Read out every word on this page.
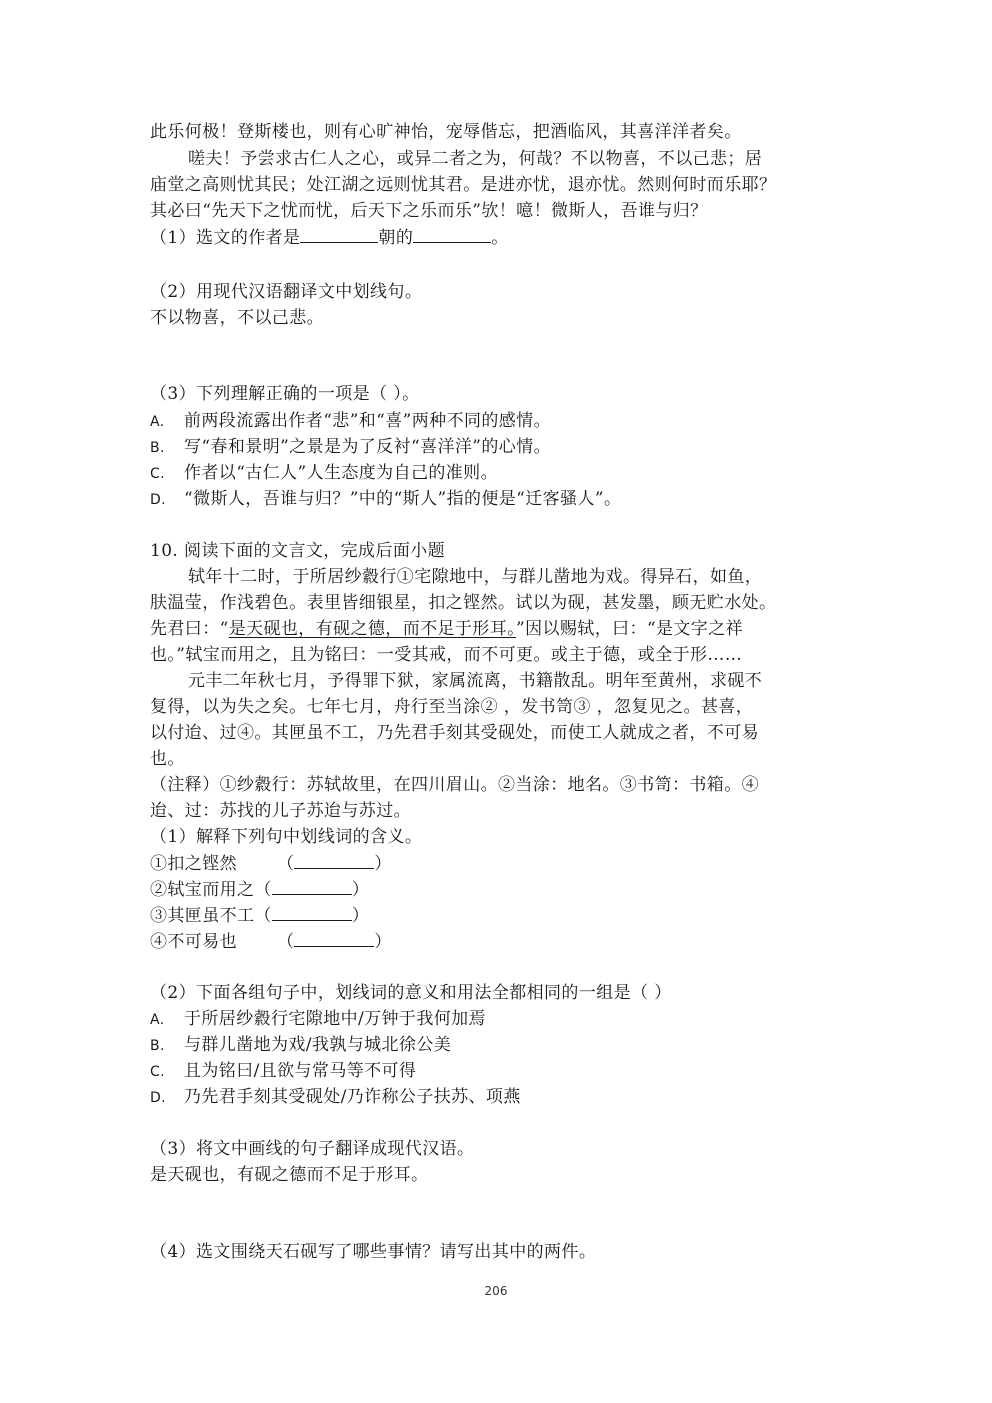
此乐何极！登斯楼也，则有心旷神怡，宠辱偕忘，把酒临风，其喜洋洋者矣。
嗟夫！予尝求古仁人之心，或异二者之为，何哉？不以物喜，不以己悲；居
庙堂之高则忧其民；处江湖之远则忧其君。是进亦忧，退亦忧。然则何时而乐耶？
其必曰“先天下之忧而忧，后天下之乐而乐”欤！噫！微斯人，吾谁与归？
（1）选文的作者是	朝的	。
（2）用现代汉语翻译文中划线句。
不以物喜，不以己悲。
（3）下列理解正确的一项是（ ）。
A. 前两段流露出作者“悲”和“喜”两种不同的感情。
B. 写“春和景明”之景是为了反衬“喜洋洋”的心情。
C. 作者以“古仁人”人生态度为自己的准则。
D. “微斯人，吾谁与归？”中的“斯人”指的便是“迁客骚人”。
10. 阅读下面的文言文，完成后面小题
轼年十二时，于所居纱縠行①宅隙地中，与群儿凿地为戏。得异石，如鱼，
肤温莹，作浅碧色。表里皆细银星，扣之铿然。试以为砚，甚发墨，顾无贮水处。
先君曰：“是天砚也，有砚之德，而不足于形耳。”因以赐轼，曰：“是文字之祥
也。”轼宝而用之，且为铭曰：一受其戒，而不可更。或主于德，或全于形……
元丰二年秋七月，予得罪下狱，家属流离，书籍散乱。明年至黄州，求砚不
复得，以为失之矣。七年七月，舟行至当涂② ，发书笥③ ，忽复见之。甚喜，
以付迨、过④。其匣虽不工，乃先君手刻其受砚处，而使工人就成之者，不可易
也。
（注释）①纱縠行：苏轼故里，在四川眉山。②当涂：地名。③书笥：书箱。④
迨、过：苏找的儿子苏迨与苏过。
（1）解释下列句中划线词的含义。
①扣之铿然 （	）
②轼宝而用之（	）
③其匣虽不工（	）
④不可易也 （	）
（2）下面各组句子中，划线词的意义和用法全都相同的一组是（ ）
A. 于所居纱縠行宅隙地中/万钟于我何加焉
B. 与群儿凿地为戏/我孰与城北徐公美
C. 且为铭曰/且欲与常马等不可得
D. 乃先君手刻其受砚处/乃诈称公子扶苏、项燕
（3）将文中画线的句子翻译成现代汉语。
是天砚也，有砚之德而不足于形耳。
（4）选文围绕天石砚写了哪些事情？请写出其中的两件。
206
